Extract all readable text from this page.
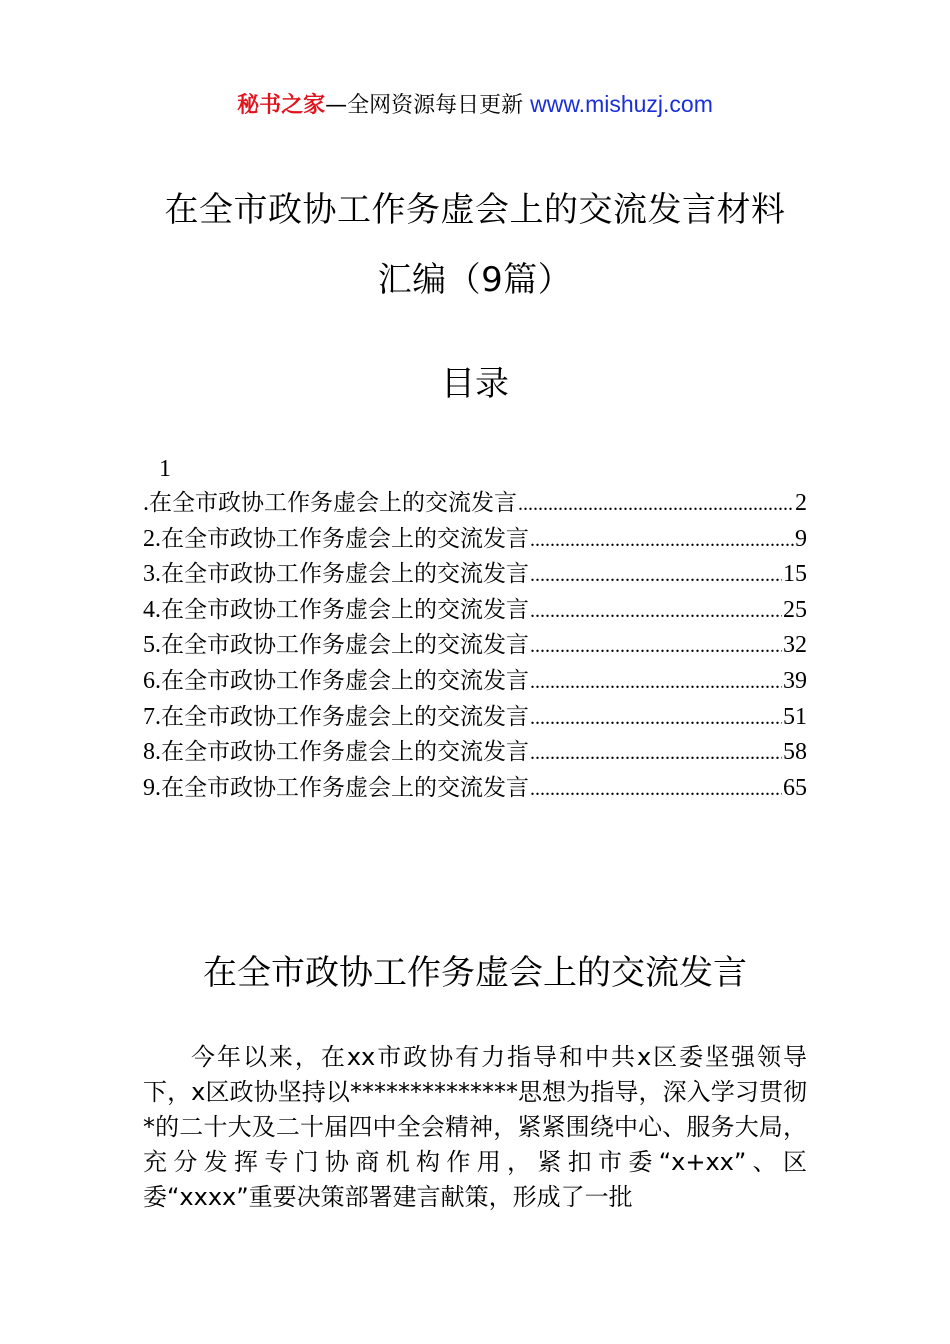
秘书之家—全网资源每日更新 www.mishuzj.com
在全市政协工作务虚会上的交流发言材料
汇编（9篇）
目录
1
. 在全市政协工作务虚会上的交流发言 .....	2
2. 在全市政协工作务虚会上的交流发言 .....	9
3. 在全市政协工作务虚会上的交流发言 .....	15
4. 在全市政协工作务虚会上的交流发言 .....	25
5. 在全市政协工作务虚会上的交流发言 .....	32
6. 在全市政协工作务虚会上的交流发言 .....	39
7. 在全市政协工作务虚会上的交流发言 .....	51
8. 在全市政协工作务虚会上的交流发言 .....	58
9. 在全市政协工作务虚会上的交流发言 .....	65
在全市政协工作务虚会上的交流发言
今年以来，在xx市政协有力指导和中共x区委坚强领导下，x区政协坚持以**************思想为指导，深入学习贯彻*的二十大及二十届四中全会精神，紧紧围绕中心、服务大局，充分发挥专门协商机构作用，紧扣市委“x+xx”、区委“xxxx”重要决策部署建言献策，形成了一批
